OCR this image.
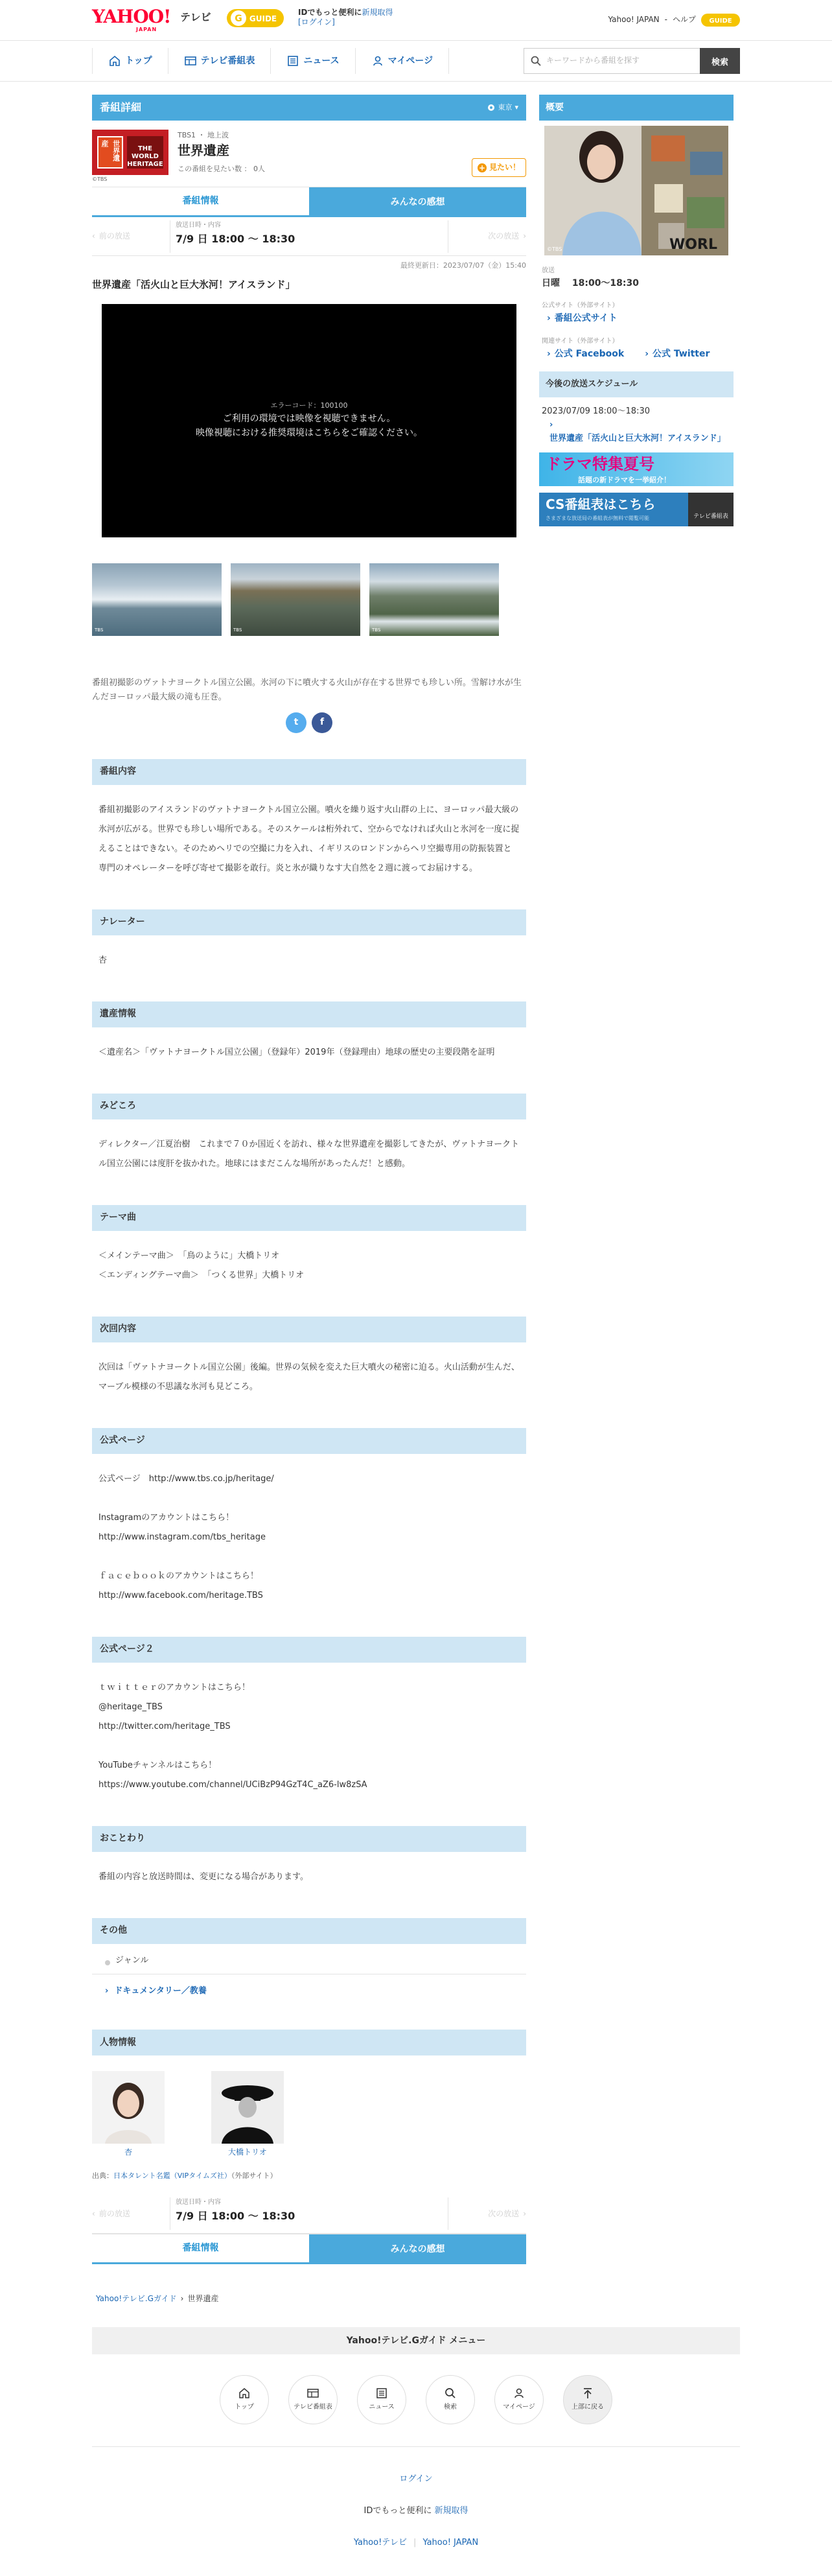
YAHOO!
JAPAN
テレビ	G GUIDE
IDでもっと便利に新規取得
[ログイン]	Yahoo! JAPAN - ヘルプ GUIDE
トップ	テレビ番組表	ニュース	マイページ	キーワードから番組を探す	検索
番組詳細	東京 ▾
世界遺産
THE WORLD HERITAGE
©TBS
TBS1 ・ 地上波
世界遺産
この番組を見たい数 ： 0人	+ 見たい！
番組情報	みんなの感想
‹ 前の放送
放送日時・内容
7/9 日 18:00 〜 18:30	次の放送 ›
最終更新日：2023/07/07（金）15:40
世界遺産「活火山と巨大氷河！アイスランド」
エラーコード：100100
ご利用の環境では映像を視聴できません。
映像視聴における推奨環境はこちらをご確認ください。
TBS	TBS	TBS
番組初撮影のヴァトナヨークトル国立公園。氷河の下に噴火する火山が存在する世界でも珍しい所。雪解け水が生んだヨーロッパ最大級の滝も圧巻。
t	f
番組内容
番組初撮影のアイスランドのヴァトナヨークトル国立公園。噴火を繰り返す火山群の上に、ヨーロッパ最大級の氷河が広がる。世界でも珍しい場所である。そのスケールは桁外れて、空からでなければ火山と氷河を一度に捉えることはできない。そのためヘリでの空撮に力を入れ、イギリスのロンドンからヘリ空撮専用の防振装置と専門のオペレーターを呼び寄せて撮影を敢行。炎と氷が織りなす大自然を２週に渡ってお届けする。
ナレーター
杏
遺産情報
＜遺産名＞「ヴァトナヨークトル国立公園」（登録年）2019年（登録理由）地球の歴史の主要段階を証明
みどころ
ディレクター／江夏治樹　これまで７０か国近くを訪れ、様々な世界遺産を撮影してきたが、ヴァトナヨークトル国立公園には度肝を抜かれた。地球にはまだこんな場所があったんだ！と感動。
テーマ曲
＜メインテーマ曲＞　「鳥のように」大橋トリオ
＜エンディングテーマ曲＞　「つくる世界」大橋トリオ
次回内容
次回は「ヴァトナヨークトル国立公園」後編。世界の気候を変えた巨大噴火の秘密に迫る。火山活動が生んだ、マーブル模様の不思議な氷河も見どころ。
公式ページ
公式ページ　http://www.tbs.co.jp/heritage/

Instagramのアカウントはこちら！
http://www.instagram.com/tbs_heritage

ｆａｃｅｂｏｏｋのアカウントはこちら！
http://www.facebook.com/heritage.TBS
公式ページ２
ｔｗｉｔｔｅｒのアカウントはこちら！
@heritage_TBS
http://twitter.com/heritage_TBS

YouTubeチャンネルはこちら！
https://www.youtube.com/channel/UCiBzP94GzT4C_aZ6-lw8zSA
おことわり
番組の内容と放送時間は、変更になる場合があります。
その他
ジャンル
› ドキュメンタリー／教養
人物情報
杏	大橋トリオ
出典：日本タレント名鑑（VIPタイムズ社）（外部サイト）
‹ 前の放送
放送日時・内容
7/9 日 18:00 〜 18:30	次の放送 ›
番組情報	みんなの感想
概要
WORL
©TBS
放送
日曜　 18:00〜18:30
公式サイト（外部サイト）
› 番組公式サイト
関連サイト（外部サイト）
› 公式 Facebook › 公式 Twitter
今後の放送スケジュール
2023/07/09 18:00〜18:30
› 世界遺産「活火山と巨大氷河！アイスランド」
ドラマ特集夏号
話題の新ドラマを一挙紹介！
CS番組表はこちら
さまざまな放送局の番組表が無料で閲覧可能	テレビ番組表
Yahoo!テレビ.Gガイド › 世界遺産
Yahoo!テレビ.Gガイド メニュー
トップ	テレビ番組表	ニュース	検索	マイページ	上部に戻る
ログイン
IDでもっと便利に 新規取得
Yahoo!テレビ | Yahoo! JAPAN
